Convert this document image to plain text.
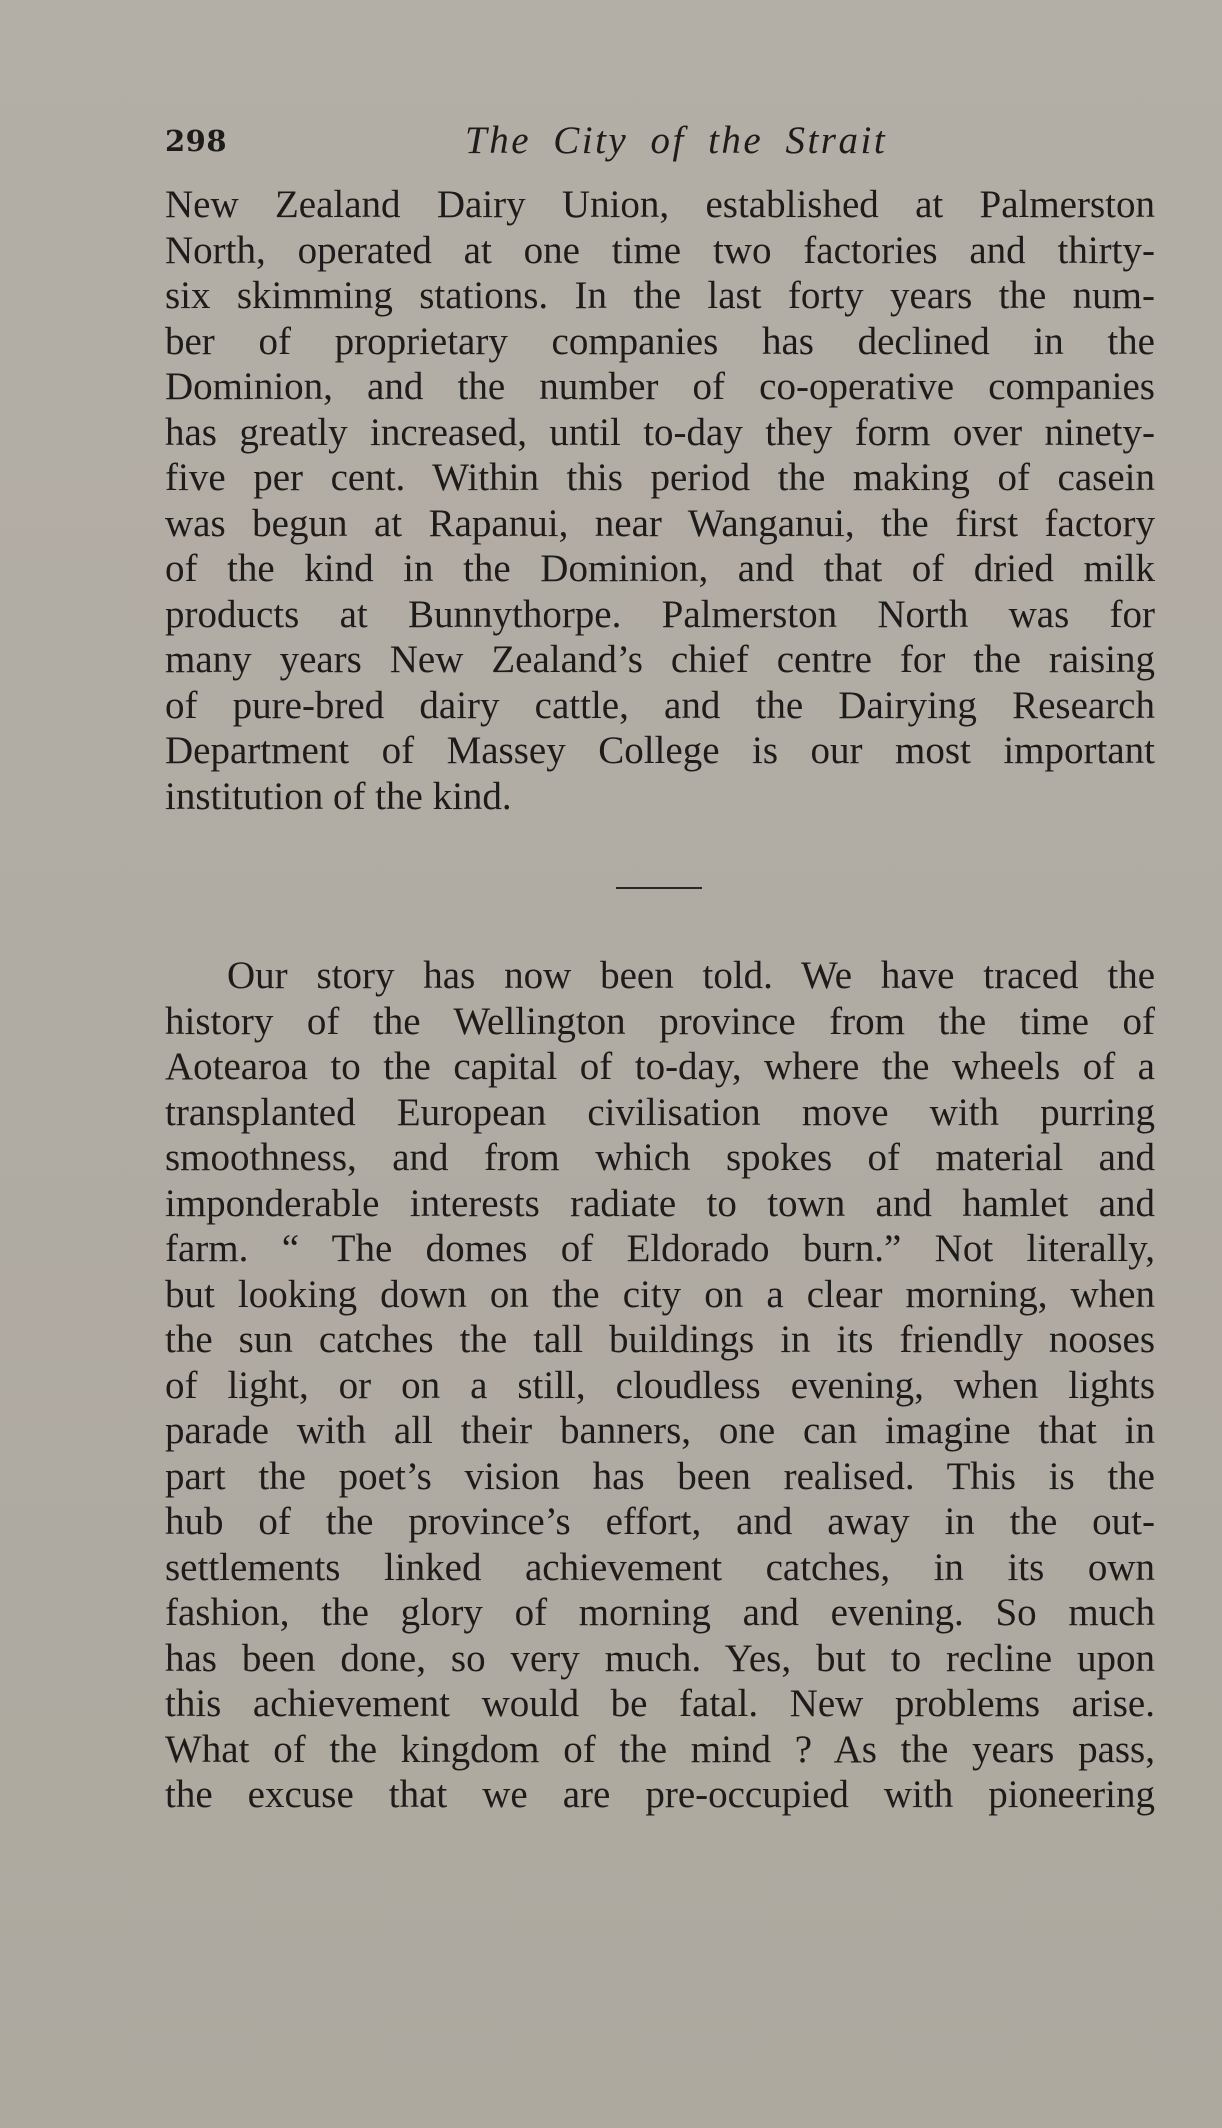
298	The City of the Strait
New Zealand Dairy Union, established at Palmerston
North, operated at one time two factories and thirty-
six skimming stations. In the last forty years the num-
ber of proprietary companies has declined in the
Dominion, and the number of co-operative companies
has greatly increased, until to-day they form over ninety-
five per cent. Within this period the making of casein
was begun at Rapanui, near Wanganui, the first factory
of the kind in the Dominion, and that of dried milk
products at Bunnythorpe. Palmerston North was for
many years New Zealand’s chief centre for the raising
of pure-bred dairy cattle, and the Dairying Research
Department of Massey College is our most important
institution of the kind.
Our story has now been told. We have traced the
history of the Wellington province from the time of
Aotearoa to the capital of to-day, where the wheels of a
transplanted European civilisation move with purring
smoothness, and from which spokes of material and
imponderable interests radiate to town and hamlet and
farm. “ The domes of Eldorado burn.” Not literally,
but looking down on the city on a clear morning, when
the sun catches the tall buildings in its friendly nooses
of light, or on a still, cloudless evening, when lights
parade with all their banners, one can imagine that in
part the poet’s vision has been realised. This is the
hub of the province’s effort, and away in the out-
settlements linked achievement catches, in its own
fashion, the glory of morning and evening. So much
has been done, so very much. Yes, but to recline upon
this achievement would be fatal. New problems arise.
What of the kingdom of the mind ? As the years pass,
the excuse that we are pre-occupied with pioneering
